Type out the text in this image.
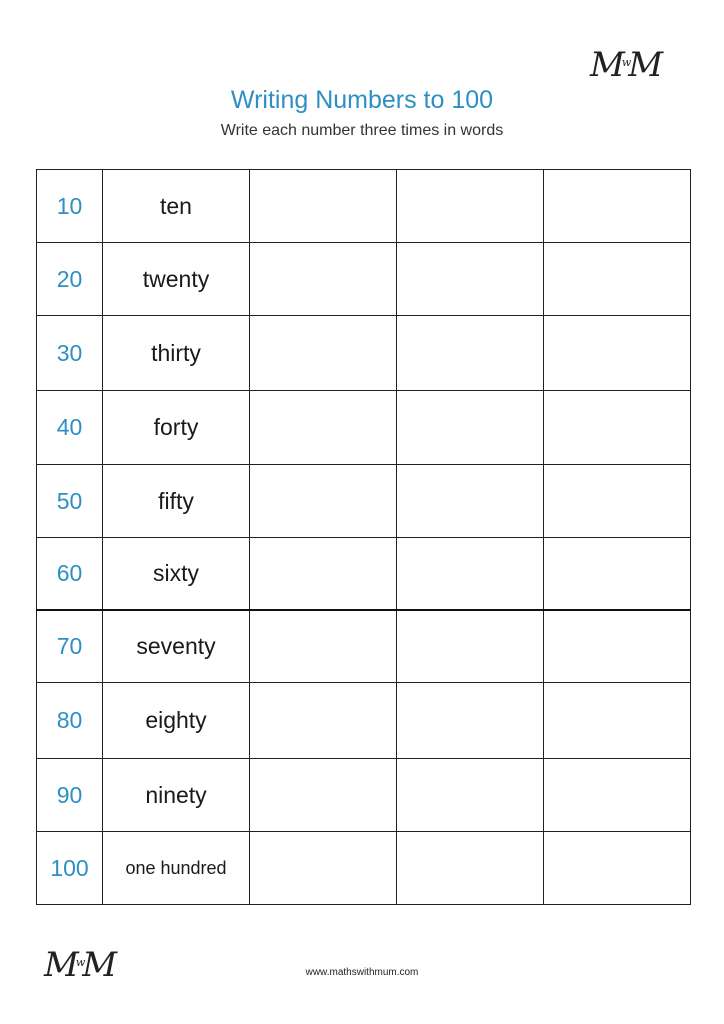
$M^wM$
Writing Numbers to 100
Write each number three times in words
10	ten			
20	twenty			
30	thirty			
40	forty			
50	fifty			
60	sixty			
70	seventy			
80	eighty			
90	ninety			
100	one hundred			
$M^wM$	www.mathswithmum.com
